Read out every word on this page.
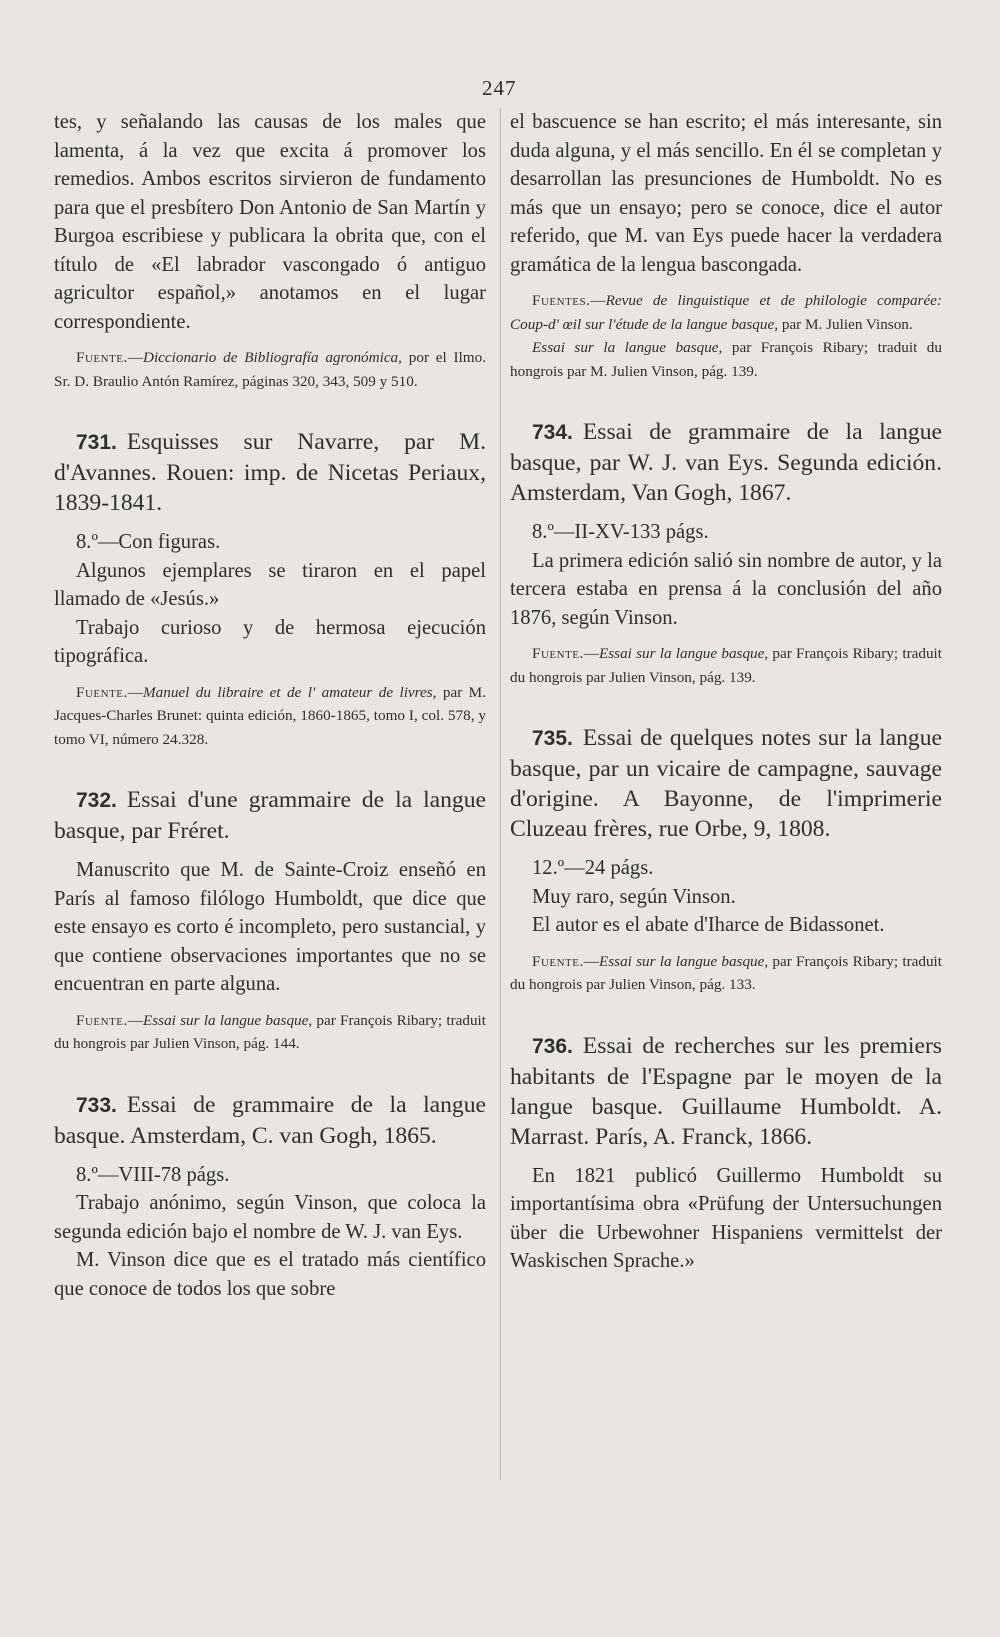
247

tes, y señalando las causas de los males que lamenta, á la vez que excita á promover los remedios. Ambos escritos sirvieron de fundamento para que el presbítero Don Antonio de San Martín y Burgoa escribiese y publicara la obrita que, con el título de «El labrador vascongado ó antiguo agricultor español,» anotamos en el lugar correspondiente.

Fuente.—Diccionario de Bibliografía agronómica, por el Ilmo. Sr. D. Braulio Antón Ramírez, páginas 320, 343, 509 y 510.

731. Esquisses sur Navarre, par M. d'Avannes. Rouen: imp. de Nicetas Periaux, 1839-1841.

8.º—Con figuras.

Algunos ejemplares se tiraron en el papel llamado de «Jesús.»

Trabajo curioso y de hermosa ejecución tipográfica.

Fuente.—Manuel du libraire et de l' amateur de livres, par M. Jacques-Charles Brunet: quinta edición, 1860-1865, tomo I, col. 578, y tomo VI, número 24.328.

732. Essai d'une grammaire de la langue basque, par Fréret.

Manuscrito que M. de Sainte-Croiz enseñó en París al famoso filólogo Humboldt, que dice que este ensayo es corto é incompleto, pero sustancial, y que contiene observaciones importantes que no se encuentran en parte alguna.

Fuente.—Essai sur la langue basque, par François Ribary; traduit du hongrois par Julien Vinson, pág. 144.

733. Essai de grammaire de la langue basque. Amsterdam, C. van Gogh, 1865.

8.º—VIII-78 págs.

Trabajo anónimo, según Vinson, que coloca la segunda edición bajo el nombre de W. J. van Eys.

M. Vinson dice que es el tratado más científico que conoce de todos los que sobre

el bascuence se han escrito; el más interesante, sin duda alguna, y el más sencillo. En él se completan y desarrollan las presunciones de Humboldt. No es más que un ensayo; pero se conoce, dice el autor referido, que M. van Eys puede hacer la verdadera gramática de la lengua bascongada.

Fuentes.—Revue de linguistique et de philologie comparée: Coup-d' œil sur l'étude de la langue basque, par M. Julien Vinson.

Essai sur la langue basque, par François Ribary; traduit du hongrois par M. Julien Vinson, pág. 139.

734. Essai de grammaire de la langue basque, par W. J. van Eys. Segunda edición. Amsterdam, Van Gogh, 1867.

8.º—II-XV-133 págs.

La primera edición salió sin nombre de autor, y la tercera estaba en prensa á la conclusión del año 1876, según Vinson.

Fuente.—Essai sur la langue basque, par François Ribary; traduit du hongrois par Julien Vinson, pág. 139.

735. Essai de quelques notes sur la langue basque, par un vicaire de campagne, sauvage d'origine. A Bayonne, de l'imprimerie Cluzeau frères, rue Orbe, 9, 1808.

12.º—24 págs.

Muy raro, según Vinson.

El autor es el abate d'Iharce de Bidassonet.

Fuente.—Essai sur la langue basque, par François Ribary; traduit du hongrois par Julien Vinson, pág. 133.

736. Essai de recherches sur les premiers habitants de l'Espagne par le moyen de la langue basque. Guillaume Humboldt. A. Marrast. París, A. Franck, 1866.

En 1821 publicó Guillermo Humboldt su importantísima obra «Prüfung der Untersuchungen über die Urbewohner Hispaniens vermittelst der Waskischen Sprache.»
